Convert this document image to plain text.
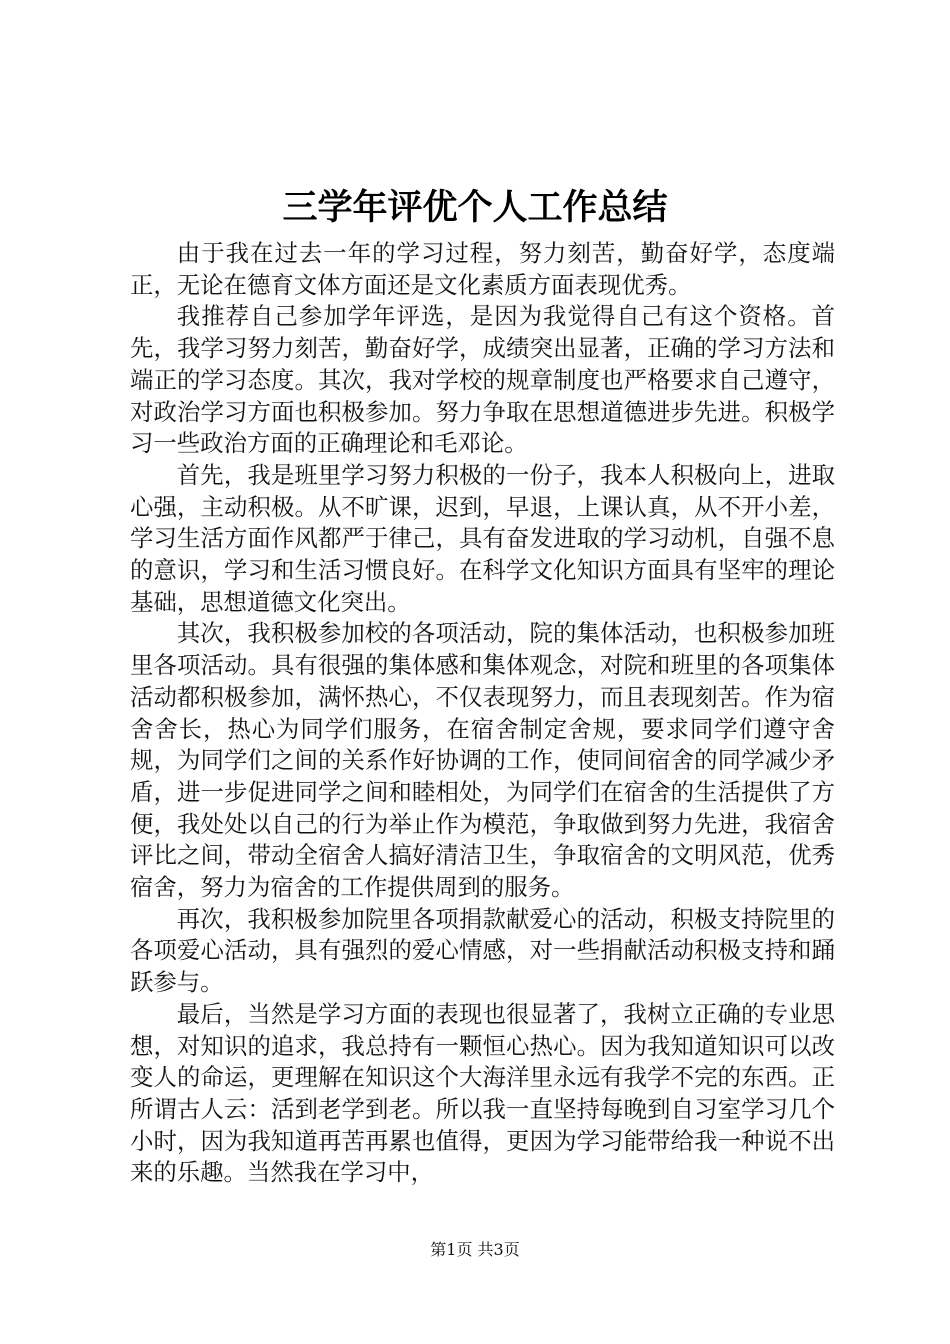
三学年评优个人工作总结

由于我在过去一年的学习过程，努力刻苦，勤奋好学，态度端正，无论在德育文体方面还是文化素质方面表现优秀。

我推荐自己参加学年评选，是因为我觉得自己有这个资格。首先，我学习努力刻苦，勤奋好学，成绩突出显著，正确的学习方法和端正的学习态度。其次，我对学校的规章制度也严格要求自己遵守，对政治学习方面也积极参加。努力争取在思想道德进步先进。积极学习一些政治方面的正确理论和毛邓论。

首先，我是班里学习努力积极的一份子，我本人积极向上，进取心强，主动积极。从不旷课，迟到，早退，上课认真，从不开小差，学习生活方面作风都严于律己，具有奋发进取的学习动机，自强不息的意识，学习和生活习惯良好。在科学文化知识方面具有坚牢的理论基础，思想道德文化突出。

其次，我积极参加校的各项活动，院的集体活动，也积极参加班里各项活动。具有很强的集体感和集体观念，对院和班里的各项集体活动都积极参加，满怀热心，不仅表现努力，而且表现刻苦。作为宿舍舍长，热心为同学们服务，在宿舍制定舍规，要求同学们遵守舍规，为同学们之间的关系作好协调的工作，使同间宿舍的同学减少矛盾，进一步促进同学之间和睦相处，为同学们在宿舍的生活提供了方便，我处处以自己的行为举止作为模范，争取做到努力先进，我宿舍评比之间，带动全宿舍人搞好清洁卫生，争取宿舍的文明风范，优秀宿舍，努力为宿舍的工作提供周到的服务。

再次，我积极参加院里各项捐款献爱心的活动，积极支持院里的各项爱心活动，具有强烈的爱心情感，对一些捐献活动积极支持和踊跃参与。

最后，当然是学习方面的表现也很显著了，我树立正确的专业思想，对知识的追求，我总持有一颗恒心热心。因为我知道知识可以改变人的命运，更理解在知识这个大海洋里永远有我学不完的东西。正所谓古人云：活到老学到老。所以我一直坚持每晚到自习室学习几个小时，因为我知道再苦再累也值得，更因为学习能带给我一种说不出来的乐趣。当然我在学习中，

第1页 共3页
